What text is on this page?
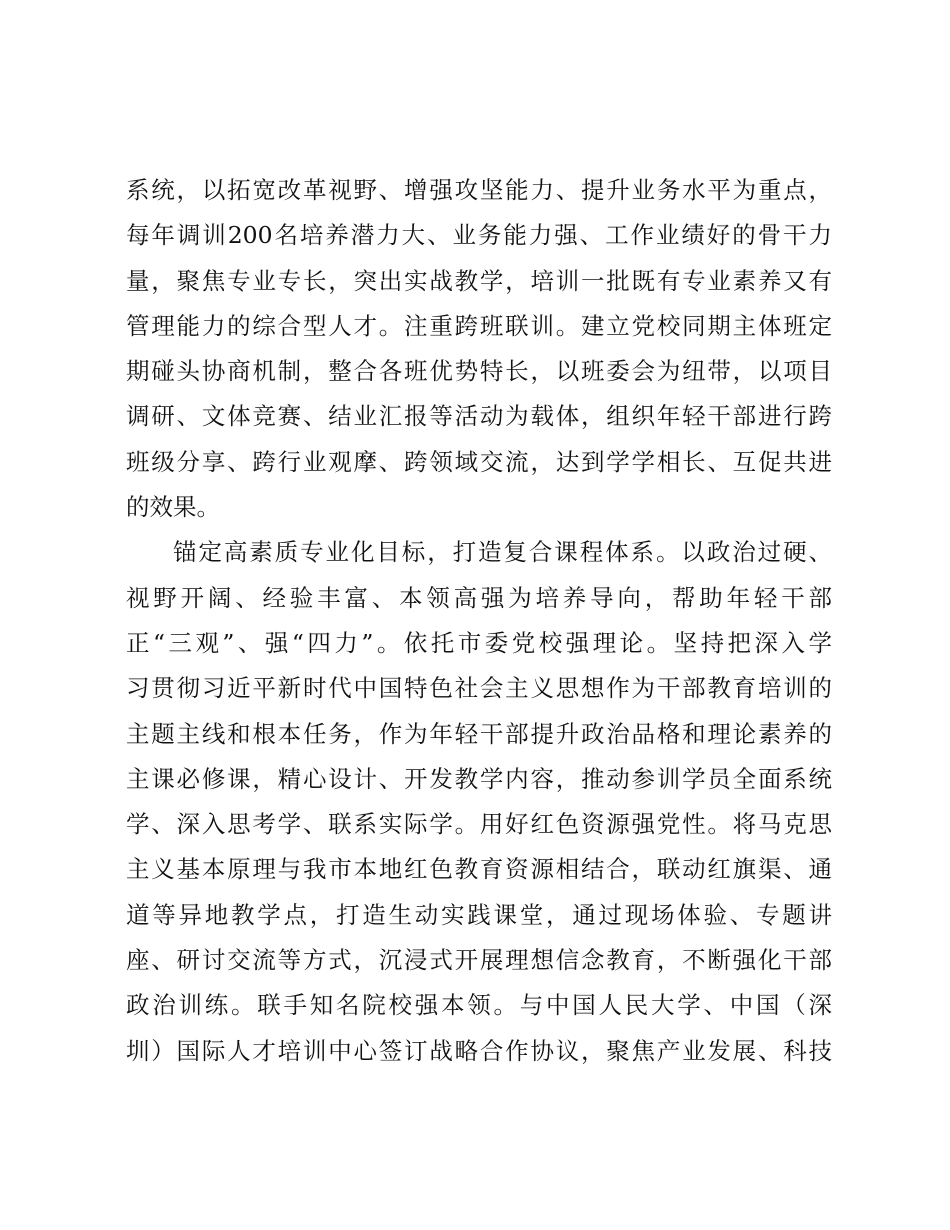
系统，以拓宽改革视野、增强攻坚能力、提升业务水平为重点，
每年调训200名培养潜力大、业务能力强、工作业绩好的骨干力
量，聚焦专业专长，突出实战教学，培训一批既有专业素养又有
管理能力的综合型人才。注重跨班联训。建立党校同期主体班定
期碰头协商机制，整合各班优势特长，以班委会为纽带，以项目
调研、文体竞赛、结业汇报等活动为载体，组织年轻干部进行跨
班级分享、跨行业观摩、跨领域交流，达到学学相长、互促共进
的效果。
锚定高素质专业化目标，打造复合课程体系。以政治过硬、
视野开阔、经验丰富、本领高强为培养导向，帮助年轻干部
正“三观”、强“四力”。依托市委党校强理论。坚持把深入学
习贯彻习近平新时代中国特色社会主义思想作为干部教育培训的
主题主线和根本任务，作为年轻干部提升政治品格和理论素养的
主课必修课，精心设计、开发教学内容，推动参训学员全面系统
学、深入思考学、联系实际学。用好红色资源强党性。将马克思
主义基本原理与我市本地红色教育资源相结合，联动红旗渠、通
道等异地教学点，打造生动实践课堂，通过现场体验、专题讲
座、研讨交流等方式，沉浸式开展理想信念教育，不断强化干部
政治训练。联手知名院校强本领。与中国人民大学、中国（深
圳）国际人才培训中心签订战略合作协议，聚焦产业发展、科技
